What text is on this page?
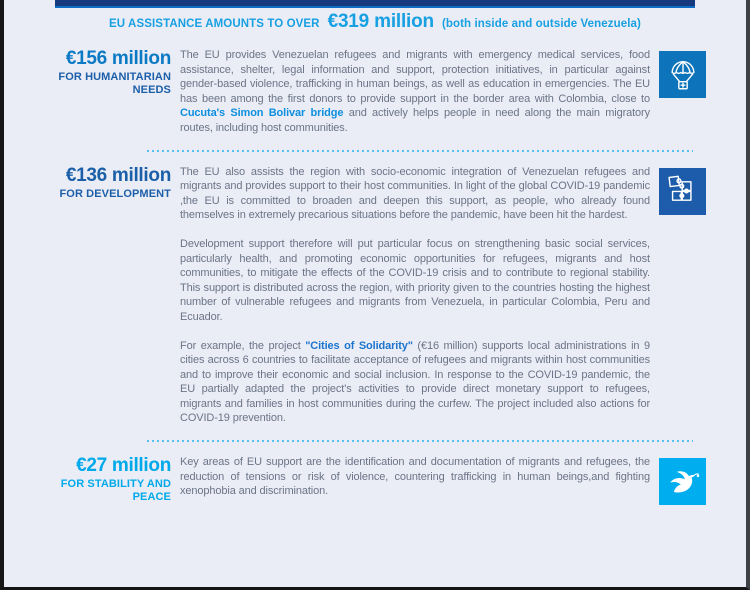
EU ASSISTANCE AMOUNTS TO OVER €319 million (both inside and outside Venezuela)
€156 million
FOR HUMANITARIAN NEEDS

The EU provides Venezuelan refugees and migrants with emergency medical services, food assistance, shelter, legal information and support, protection initiatives, in particular against gender-based violence, trafficking in human beings, as well as education in emergencies. The EU has been among the first donors to provide support in the border area with Colombia, close to Cucuta's Simon Bolivar bridge and actively helps people in need along the main migratory routes, including host communities.

€136 million
FOR DEVELOPMENT

The EU also assists the region with socio-economic integration of Venezuelan refugees and migrants and provides support to their host communities. In light of the global COVID-19 pandemic ,the EU is committed to broaden and deepen this support, as people, who already found themselves in extremely precarious situations before the pandemic, have been hit the hardest.

Development support therefore will put particular focus on strengthening basic social services, particularly health, and promoting economic opportunities for refugees, migrants and host communities, to mitigate the effects of the COVID-19 crisis and to contribute to regional stability. This support is distributed across the region, with priority given to the countries hosting the highest number of vulnerable refugees and migrants from Venezuela, in particular Colombia, Peru and Ecuador.

For example, the project "Cities of Solidarity" (€16 million) supports local administrations in 9 cities across 6 countries to facilitate acceptance of refugees and migrants within host communities and to improve their economic and social inclusion. In response to the COVID-19 pandemic, the EU partially adapted the project's activities to provide direct monetary support to refugees, migrants and families in host communities during the curfew. The project included also actions for COVID-19 prevention.

€27 million
FOR STABILITY AND PEACE

Key areas of EU support are the identification and documentation of migrants and refugees, the reduction of tensions or risk of violence, countering trafficking in human beings,and fighting xenophobia and discrimination.
